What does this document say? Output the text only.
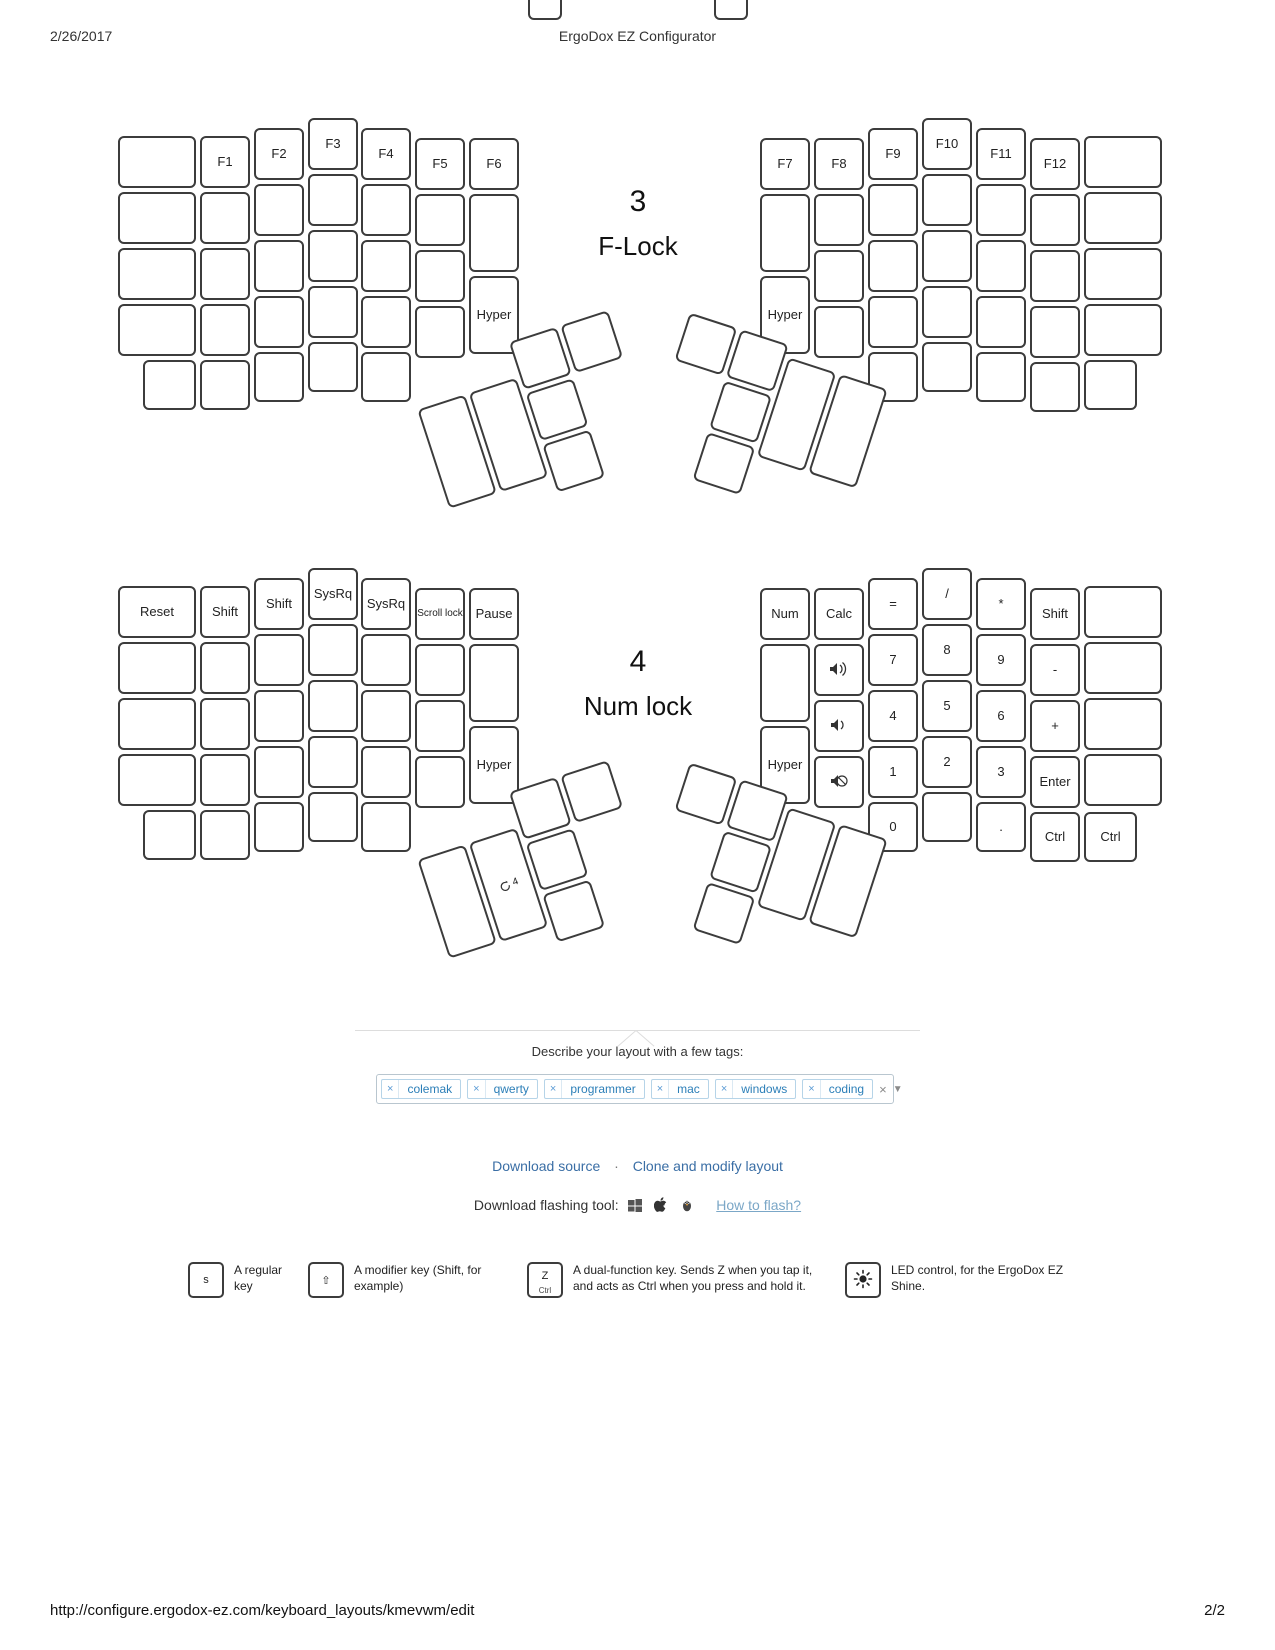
2/26/2017	ErgoDox EZ Configurator
F1
F2
F3
F4
F5	F6
Hyper
F7
Hyper
F8
F9
F10
F11
F12
3
F-Lock
Reset	Shift
Shift
SysRq
SysRq
Scroll lock Pause
Hyper
Num
Hyper
Calc
=
7
4
1
0
/
8
5
2
*
9
6
3
.
Shift
-
+
Enter
Ctrl	Ctrl
4
4
Num lock
Describe your layout with a few tags:
×	colemak	×	qwerty	×	programmer	×	mac	×	windows	×	coding	× ▼
Download source · Clone and modify layout
Download flashing tool:	How to flash?
s
A regular key	⇧
A modifier key (Shift, for example)
Z
Ctrl
A dual-function key. Sends Z when you tap it, and acts as Ctrl when you press and hold it.
LED control, for the ErgoDox EZ Shine.
http://configure.ergodox-ez.com/keyboard_layouts/kmevwm/edit	2/2
